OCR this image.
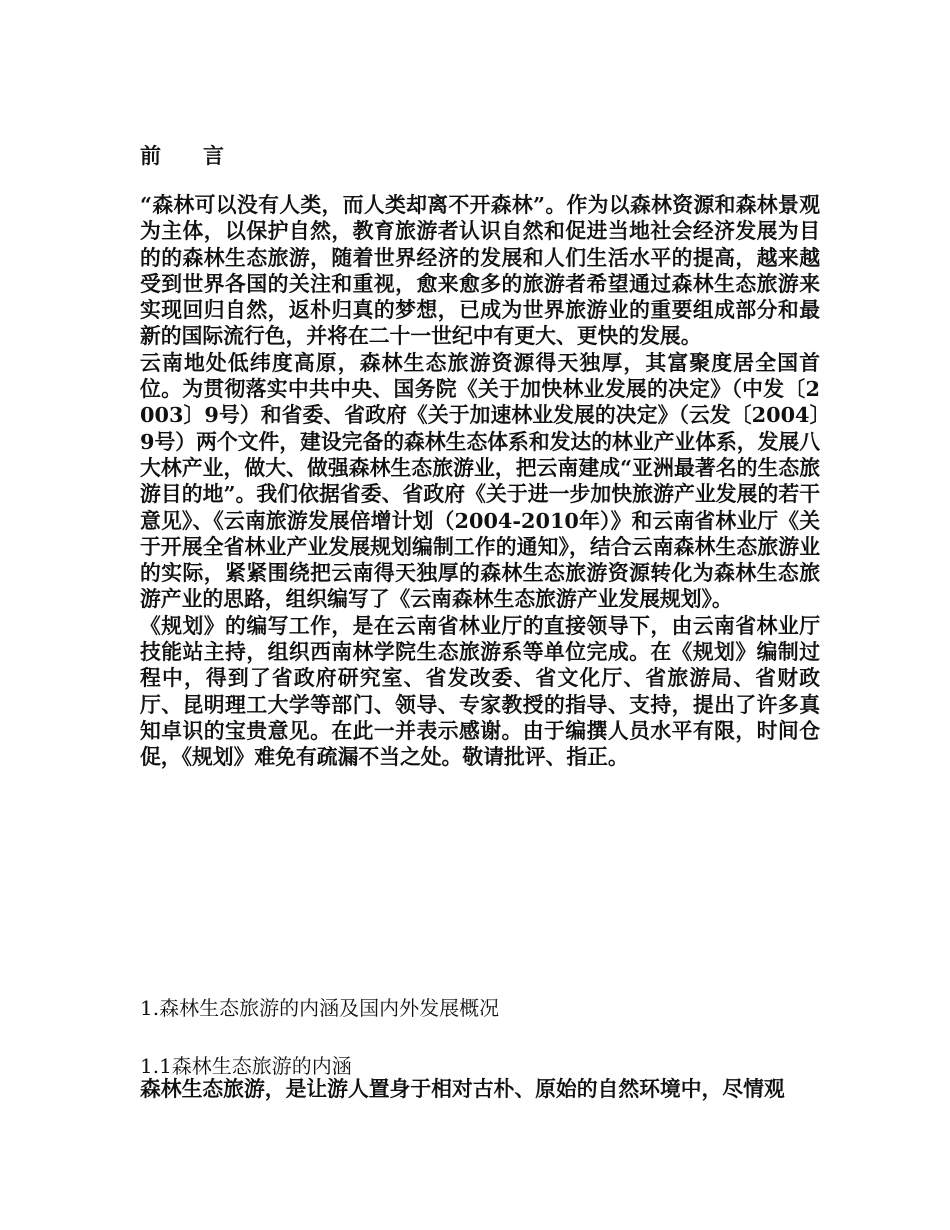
前　　言

“森林可以没有人类，而人类却离不开森林”。作为以森林资源和森林景观为主体，以保护自然，教育旅游者认识自然和促进当地社会经济发展为目的的森林生态旅游，随着世界经济的发展和人们生活水平的提高，越来越受到世界各国的关注和重视，愈来愈多的旅游者希望通过森林生态旅游来实现回归自然，返朴归真的梦想，已成为世界旅游业的重要组成部分和最新的国际流行色，并将在二十一世纪中有更大、更快的发展。

云南地处低纬度高原，森林生态旅游资源得天独厚，其富聚度居全国首位。为贯彻落实中共中央、国务院《关于加快林业发展的决定》（中发〔2003〕9号）和省委、省政府《关于加速林业发展的决定》（云发〔2004〕9号）两个文件，建设完备的森林生态体系和发达的林业产业体系，发展八大林产业，做大、做强森林生态旅游业，把云南建成“亚洲最著名的生态旅游目的地”。我们依据省委、省政府《关于进一步加快旅游产业发展的若干意见》、《云南旅游发展倍增计划（2004-2010年）》和云南省林业厅《关于开展全省林业产业发展规划编制工作的通知》，结合云南森林生态旅游业的实际，紧紧围绕把云南得天独厚的森林生态旅游资源转化为森林生态旅游产业的思路，组织编写了《云南森林生态旅游产业发展规划》。

《规划》的编写工作，是在云南省林业厅的直接领导下，由云南省林业厅技能站主持，组织西南林学院生态旅游系等单位完成。在《规划》编制过程中，得到了省政府研究室、省发改委、省文化厅、省旅游局、省财政厅、昆明理工大学等部门、领导、专家教授的指导、支持，提出了许多真知卓识的宝贵意见。在此一并表示感谢。由于编撰人员水平有限，时间仓促，《规划》难免有疏漏不当之处。敬请批评、指正。

1.森林生态旅游的内涵及国内外发展概况
1.1森林生态旅游的内涵

森林生态旅游，是让游人置身于相对古朴、原始的自然环境中，尽情观
